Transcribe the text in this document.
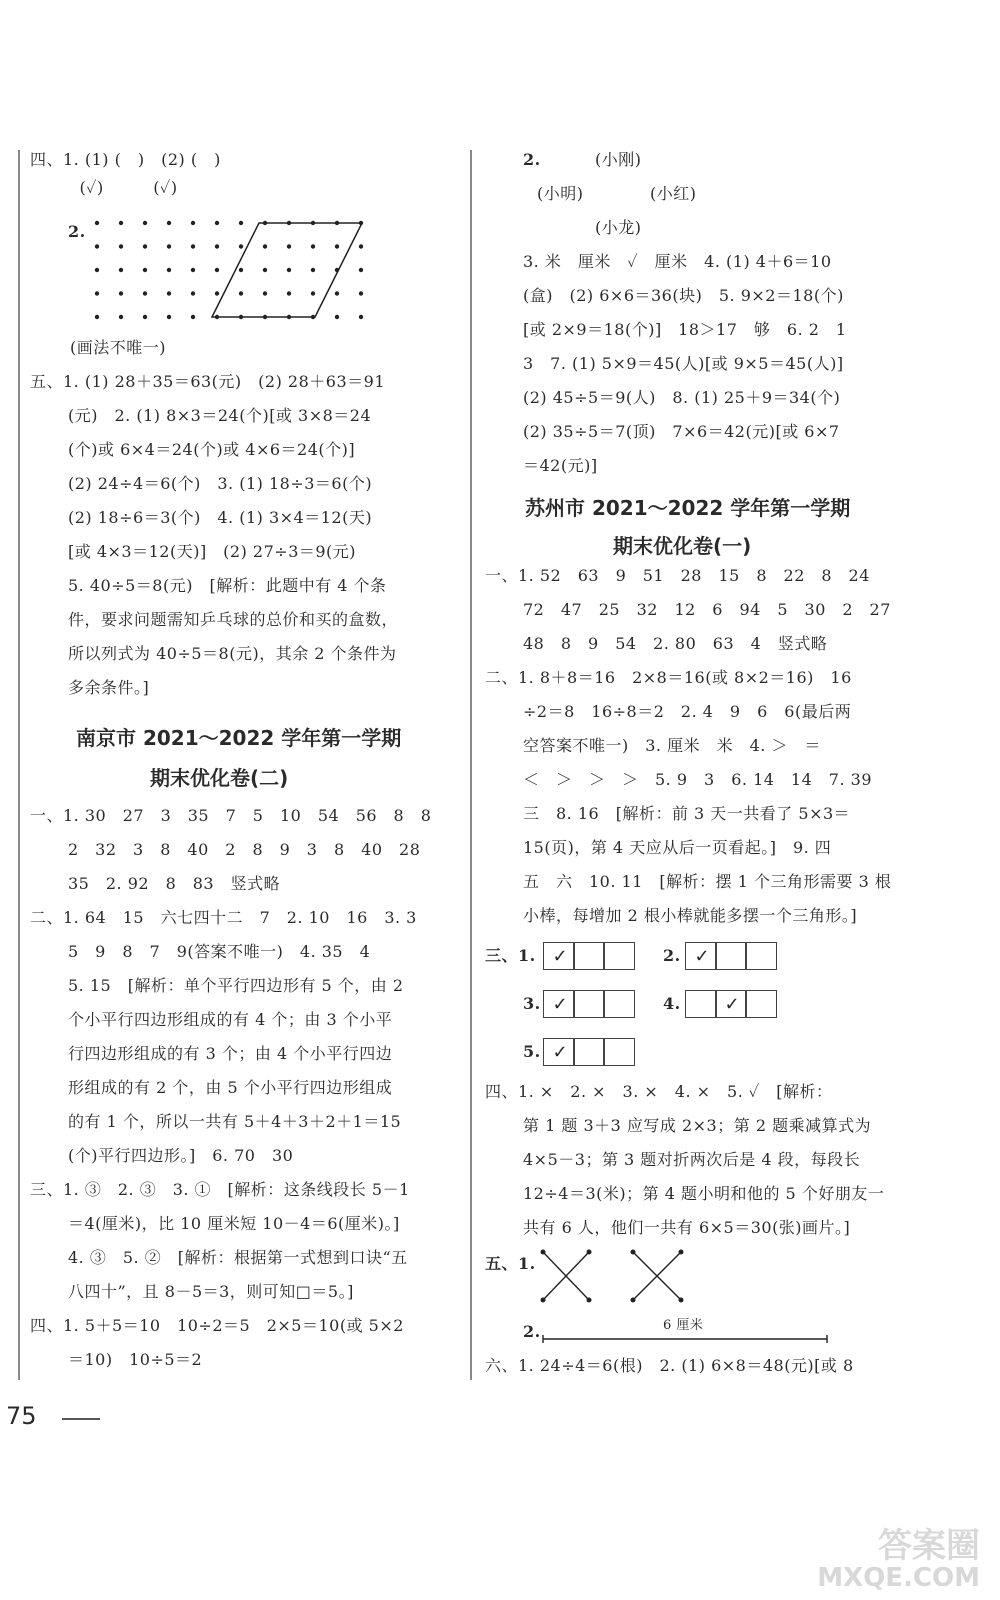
四、1. (1) (　)　(2) (　)
　　　(✓)　　　(✓)
2.
(画法不唯一)
五、1. (1) 28＋35＝63(元)　(2) 28＋63＝91
(元)　2. (1) 8×3＝24(个)[或 3×8＝24
(个)或 6×4＝24(个)或 4×6＝24(个)]
(2) 24÷4＝6(个)　3. (1) 18÷3＝6(个)
(2) 18÷6＝3(个)　4. (1) 3×4＝12(天)
[或 4×3＝12(天)]　(2) 27÷3＝9(元)
5. 40÷5＝8(元)　[解析：此题中有 4 个条
件，要求问题需知乒乓球的总价和买的盒数，
所以列式为 40÷5＝8(元)，其余 2 个条件为
多余条件。]
南京市 2021～2022 学年第一学期
期末优化卷(二)
一、1. 30　27　3　35　7　5　10　54　56　8　8
2　32　3　8　40　2　8　9　3　8　40　28
35　2. 92　8　83　竖式略
二、1. 64　15　六七四十二　7　2. 10　16　3. 3
5　9　8　7　9(答案不唯一)　4. 35　4
5. 15　[解析：单个平行四边形有 5 个，由 2
个小平行四边形组成的有 4 个；由 3 个小平
行四边形组成的有 3 个；由 4 个小平行四边
形组成的有 2 个，由 5 个小平行四边形组成
的有 1 个，所以一共有 5＋4＋3＋2＋1＝15
(个)平行四边形。]　6. 70　30
三、1. ③　2. ③　3. ①　[解析：这条线段长 5－1
＝4(厘米)，比 10 厘米短 10－4＝6(厘米)。]
4. ③　5. ②　[解析：根据第一式想到口诀“五
八四十”，且 8－5＝3，则可知□＝5。]
四、1. 5＋5＝10　10÷2＝5　2×5＝10(或 5×2
＝10)　10÷5＝2
2.	(小刚)
(小明)	(小红)
(小龙)
3. 米　厘米　✓　厘米　4. (1) 4＋6＝10
(盒)　(2) 6×6＝36(块)　5. 9×2＝18(个)
[或 2×9＝18(个)]　18＞17　够　6. 2　1
3　7. (1) 5×9＝45(人)[或 9×5＝45(人)]
(2) 45÷5＝9(人)　8. (1) 25＋9＝34(个)
(2) 35÷5＝7(顶)　7×6＝42(元)[或 6×7
＝42(元)]
苏州市 2021～2022 学年第一学期
期末优化卷(一)
一、1. 52　63　9　51　28　15　8　22　8　24
72　47　25　32　12　6　94　5　30　2　27
48　8　9　54　2. 80　63　4　竖式略
二、1. 8＋8＝16　2×8＝16(或 8×2＝16)　16
÷2＝8　16÷8＝2　2. 4　9　6　6(最后两
空答案不唯一)　3. 厘米　米　4. ＞　＝
＜　＞　＞　＞　5. 9　3　6. 14　14　7. 39
三　8. 16　[解析：前 3 天一共看了 5×3＝
15(页)，第 4 天应从后一页看起。]　9. 四
五　六　10. 11　[解析：摆 1 个三角形需要 3 根
小棒，每增加 2 根小棒就能多摆一个三角形。]
三、1. ✓	2. ✓
3. ✓	4.	✓
5. ✓
四、1. ×　2. ×　3. ×　4. ×　5. ✓　[解析：
第 1 题 3＋3 应写成 2×3；第 2 题乘减算式为
4×5－3；第 3 题对折两次后是 4 段，每段长
12÷4＝3(米)；第 4 题小明和他的 5 个好朋友一
共有 6 人，他们一共有 6×5＝30(张)画片。]
五、1.
2.	6 厘米
六、1. 24÷4＝6(根)　2. (1) 6×8＝48(元)[或 8
75
答案圈
MXQE.COM
